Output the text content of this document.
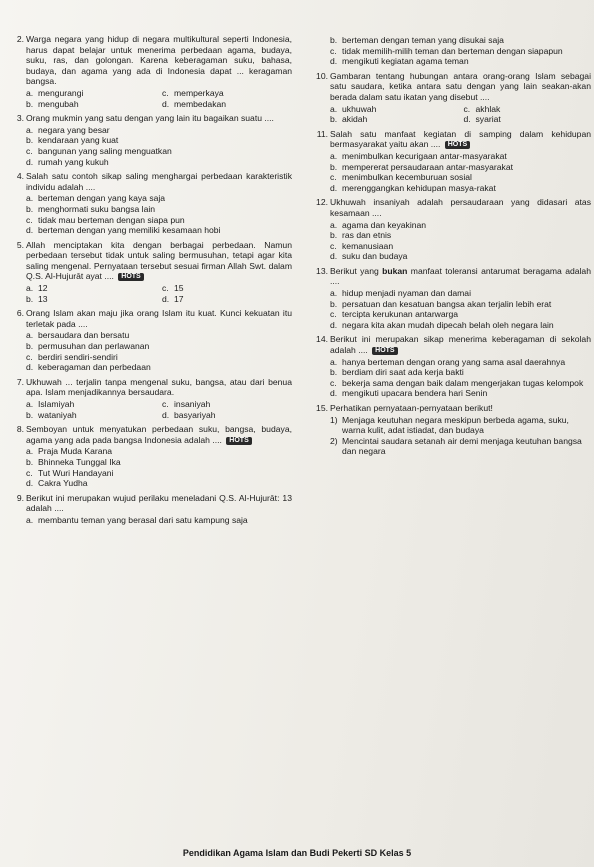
2. Warga negara yang hidup di negara multikultural seperti Indonesia, harus dapat belajar untuk menerima perbedaan agama, budaya, suku, ras, dan golongan. Karena keberagaman suku, bahasa, budaya, dan agama yang ada di Indonesia dapat ... keragaman bangsa.
a. mengurangi	c. memperkaya
b. mengubah	d. membedakan
3. Orang mukmin yang satu dengan yang lain itu bagaikan suatu ....
a. negara yang besar
b. kendaraan yang kuat
c. bangunan yang saling menguatkan
d. rumah yang kukuh
4. Salah satu contoh sikap saling menghargai perbedaan karakteristik individu adalah ....
a. berteman dengan yang kaya saja
b. menghormati suku bangsa lain
c. tidak mau berteman dengan siapa pun
d. berteman dengan yang memiliki kesamaan hobi
5. Allah menciptakan kita dengan berbagai perbedaan. Namun perbedaan tersebut tidak untuk saling bermusuhan, tetapi agar kita saling mengenal. Pernyataan tersebut sesuai firman Allah Swt. dalam Q.S. Al-Hujurāt ayat .... HOTS
a. 12	c. 15
b. 13	d. 17
6. Orang Islam akan maju jika orang Islam itu kuat. Kunci kekuatan itu terletak pada ....
a. bersaudara dan bersatu
b. permusuhan dan perlawanan
c. berdiri sendiri-sendiri
d. keberagaman dan perbedaan
7. Ukhuwah ... terjalin tanpa mengenal suku, bangsa, atau dari benua apa. Islam menjadikannya bersaudara.
a. Islamiyah	c. insaniyah
b. wataniyah	d. basyariyah
8. Semboyan untuk menyatukan perbedaan suku, bangsa, budaya, agama yang ada pada bangsa Indonesia adalah .... HOTS
a. Praja Muda Karana
b. Bhinneka Tunggal Ika
c. Tut Wuri Handayani
d. Cakra Yudha
9. Berikut ini merupakan wujud perilaku meneladani Q.S. Al-Hujurāt: 13 adalah ....
a. membantu teman yang berasal dari satu kampung saja
b. berteman dengan teman yang disukai saja
c. tidak memilih-milih teman dan berteman dengan siapapun
d. mengikuti kegiatan agama teman
10. Gambaran tentang hubungan antara orang-orang Islam sebagai satu saudara, ketika antara satu dengan yang lain seakan-akan berada dalam satu ikatan yang disebut ....
a. ukhuwah	c. akhlak
b. akidah	d. syariat
11. Salah satu manfaat kegiatan di samping dalam kehidupan bermasyarakat yaitu akan .... HOTS
a. menimbulkan kecurigaan antar-masyarakat
b. mempererat persaudaraan antar-masyarakat
c. menimbulkan kecemburuan sosial
d. merenggangkan kehidupan masya-rakat
12. Ukhuwah insaniyah adalah persaudaraan yang didasari atas kesamaan ....
a. agama dan keyakinan
b. ras dan etnis
c. kemanusiaan
d. suku dan budaya
13. Berikut yang bukan manfaat toleransi antarumat beragama adalah ....
a. hidup menjadi nyaman dan damai
b. persatuan dan kesatuan bangsa akan terjalin lebih erat
c. tercipta kerukunan antarwarga
d. negara kita akan mudah dipecah belah oleh negara lain
14. Berikut ini merupakan sikap menerima keberagaman di sekolah adalah .... HOTS
a. hanya berteman dengan orang yang sama asal daerahnya
b. berdiam diri saat ada kerja bakti
c. bekerja sama dengan baik dalam mengerjakan tugas kelompok
d. mengikuti upacara bendera hari Senin
15. Perhatikan pernyataan-pernyataan berikut!
1) Menjaga keutuhan negara meskipun berbeda agama, suku, warna kulit, adat istiadat, dan budaya
2) Mencintai saudara setanah air demi menjaga keutuhan bangsa dan negara
Pendidikan Agama Islam dan Budi Pekerti SD Kelas 5
